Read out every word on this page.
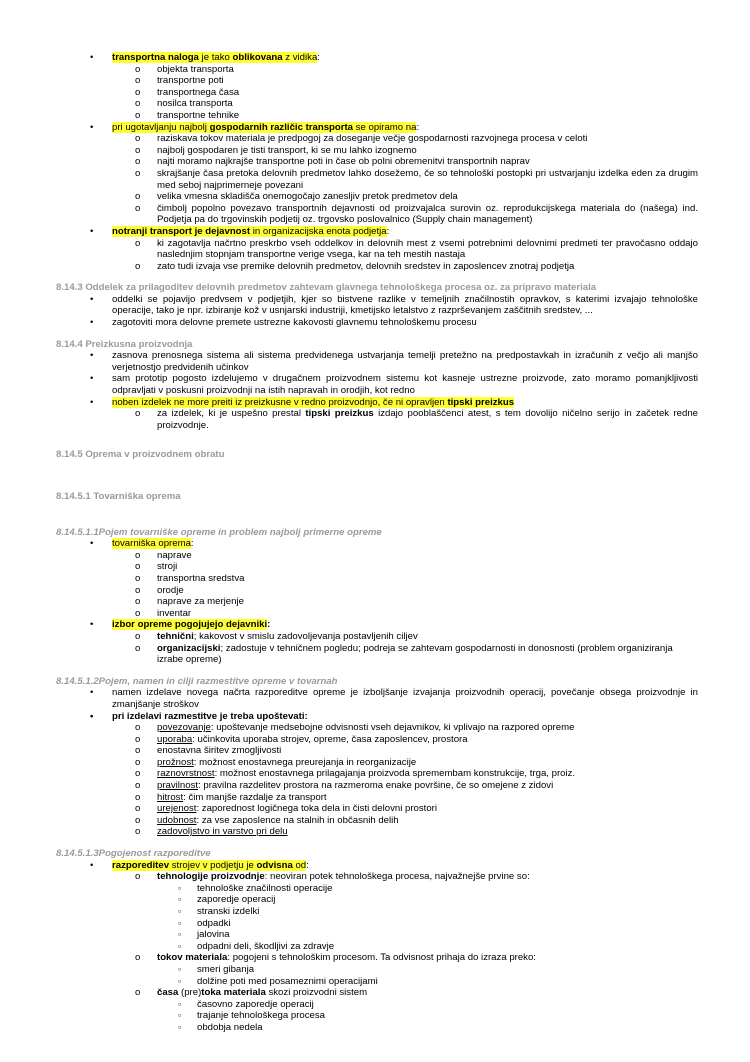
• transportna naloga je tako oblikovana z vidika:
o objekta transporta
o transportne poti
o transportnega časa
o nosilca transporta
o transportne tehnike
• pri ugotavljanju najbolj gospodarnih različic transporta se opiramo na:
o raziskava tokov materiala je predpogoj za doseganje večje gospodarnosti razvojnega procesa v celoti
o najbolj gospodaren je tisti transport, ki se mu lahko izognemo
o najti moramo najkrajše transportne poti in čase ob polni obremenitvi transportnih naprav
o skrajšanje časa pretoka delovnih predmetov lahko dosežemo, če so tehnološki postopki pri ustvarjanju izdelka eden za drugim med seboj najprimerneje povezani
o velika vmesna skladišča onemogočajo zanesljiv pretok predmetov dela
o čimbolj popolno povezavo transportnih dejavnosti od proizvajalca surovin oz. reprodukcijskega materiala do (našega) ind. Podjetja pa do trgovinskih podjetij oz. trgovsko poslovalnico (Supply chain management)
• notranji transport je dejavnost in organizacijska enota podjetja:
o ki zagotavlja načrtno preskrbo vseh oddelkov in delovnih mest z vsemi potrebnimi delovnimi predmeti ter pravočasno oddajo naslednjim stopnjam transportne verige vsega, kar na teh mestih nastaja
o zato tudi izvaja vse premike delovnih predmetov, delovnih sredstev in zaposlencev znotraj podjetja
8.14.3 Oddelek za prilagoditev delovnih predmetov zahtevam glavnega tehnološkega procesa oz. za pripravo materiala
• oddelki se pojavijo predvsem v podjetjih, kjer so bistvene razlike v temeljnih značilnostih opravkov, s katerimi izvajajo tehnološke operacije, tako je npr. izbiranje kož v usnjarski industriji, kmetijsko letalstvo z razprševanjem zaščitnih sredstev, ...
• zagotoviti mora delovne premete ustrezne kakovosti glavnemu tehnološkemu procesu
8.14.4 Preizkusna proizvodnja
• zasnova prenosnega sistema ali sistema predvidenega ustvarjanja temelji pretežno na predpostavkah in izračunih z večjo ali manjšo verjetnostjo predvidenih učinkov
• sam prototip pogosto izdelujemo v drugačnem proizvodnem sistemu kot kasneje ustrezne proizvode, zato moramo pomanjkljivosti odpravljati v poskusni proizvodnji na istih napravah in orodjih, kot redno
• noben izdelek ne more preiti iz preizkusne v redno proizvodnjo, če ni opravljen tipski preizkus
o za izdelek, ki je uspešno prestal tipski preizkus izdajo pooblaščenci atest, s tem dovolijo ničelno serijo in začetek redne proizvodnje.
8.14.5 Oprema v proizvodnem obratu
8.14.5.1 Tovarniška oprema
8.14.5.1.1Pojem tovarniške opreme in problem najbolj primerne opreme
• tovarniška oprema:
o naprave
o stroji
o transportna sredstva
o orodje
o naprave za merjenje
o inventar
• izbor opreme pogojujejo dejavniki:
o tehnični; kakovost v smislu zadovoljevanja postavljenih ciljev
o organizacijski; zadostuje v tehničnem pogledu; podreja se zahtevam gospodarnosti in donosnosti (problem organiziranja izrabe opreme)
8.14.5.1.2Pojem, namen in cilji razmestitve opreme v tovarnah
• namen izdelave novega načrta razporeditve opreme je izboljšanje izvajanja proizvodnih operacij, povečanje obsega proizvodnje in zmanjšanje stroškov
• pri izdelavi razmestitve je treba upoštevati:
o povezovanje: upoštevanje medsebojne odvisnosti vseh dejavnikov, ki vplivajo na razpored opreme
o uporaba: učinkovita uporaba strojev, opreme, časa zaposlencev, prostora
o enostavna širitev zmogljivosti
o prožnost: možnost enostavnega preurejanja in reorganizacije
o raznovrstnost: možnost enostavnega prilagajanja proizvoda spremembam konstrukcije, trga, proiz.
o pravilnost: pravilna razdelitev prostora na razmeroma enake površine, če so omejene z zidovi
o hitrost: čim manjše razdalje za transport
o urejenost: zaporednost logičnega toka dela in čisti delovni prostori
o udobnost: za vse zaposlence na stalnih in občasnih delih
o zadovoljstvo in varstvo pri delu
8.14.5.1.3Pogojenost razporeditve
• razporeditev strojev v podjetju je odvisna od:
o tehnologije proizvodnje: neoviran potek tehnološkega procesa, najvažnejše prvine so:
▫ tehnološke značilnosti operacije
▫ zaporedje operacij
▫ stranski izdelki
▫ odpadki
▫ jalovina
▫ odpadni deli, škodljivi za zdravje
o tokov materiala: pogojeni s tehnološkim procesom. Ta odvisnost prihaja do izraza preko:
▫ smeri gibanja
▫ dolžine poti med posameznimi operacijami
o časa (pre)toka materiala skozi proizvodni sistem
▫ časovno zaporedje operacij
▫ trajanje tehnološkega procesa
▫ obdobja nedela
